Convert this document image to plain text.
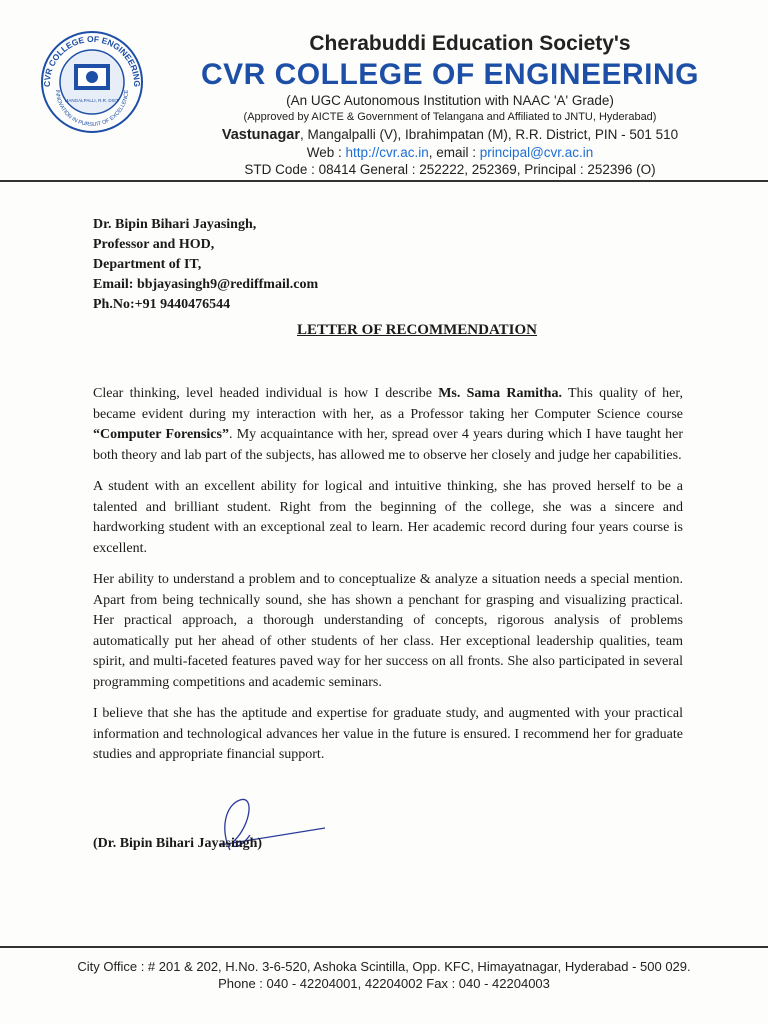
CVR COLLEGE OF ENGINEERING
INNOVATION IN PURSUIT OF EXCELLENCE
MANGALPALLI, R.R. DIST.
Cherabuddi Education Society's
CVR COLLEGE OF ENGINEERING
(An UGC Autonomous Institution with NAAC 'A' Grade)
(Approved by AICTE & Government of Telangana and Affiliated to JNTU, Hyderabad)
Vastunagar, Mangalpalli (V), Ibrahimpatan (M), R.R. District, PIN - 501 510
Web : http://cvr.ac.in, email : principal@cvr.ac.in
STD Code : 08414 General : 252222, 252369, Principal : 252396 (O)
Dr. Bipin Bihari Jayasingh,
Professor and HOD,
Department of IT,
Email: bbjayasingh9@rediffmail.com
Ph.No:+91 9440476544
LETTER OF RECOMMENDATION

Clear thinking, level headed individual is how I describe Ms. Sama Ramitha. This quality of her, became evident during my interaction with her, as a Professor taking her Computer Science course “Computer Forensics”. My acquaintance with her, spread over 4 years during which I have taught her both theory and lab part of the subjects, has allowed me to observe her closely and judge her capabilities.

A student with an excellent ability for logical and intuitive thinking, she has proved herself to be a talented and brilliant student. Right from the beginning of the college, she was a sincere and hardworking student with an exceptional zeal to learn. Her academic record during four years course is excellent.

Her ability to understand a problem and to conceptualize & analyze a situation needs a special mention. Apart from being technically sound, she has shown a penchant for grasping and visualizing practical. Her practical approach, a thorough understanding of concepts, rigorous analysis of problems automatically put her ahead of other students of her class. Her exceptional leadership qualities, team spirit, and multi-faceted features paved way for her success on all fronts. She also participated in several programming competitions and academic seminars.

I believe that she has the aptitude and expertise for graduate study, and augmented with your practical information and technological advances her value in the future is ensured. I recommend her for graduate studies and appropriate financial support.

(Dr. Bipin Bihari Jayasingh)
City Office : # 201 & 202, H.No. 3-6-520, Ashoka Scintilla, Opp. KFC, Himayatnagar, Hyderabad - 500 029.
Phone : 040 - 42204001, 42204002 Fax : 040 - 42204003
